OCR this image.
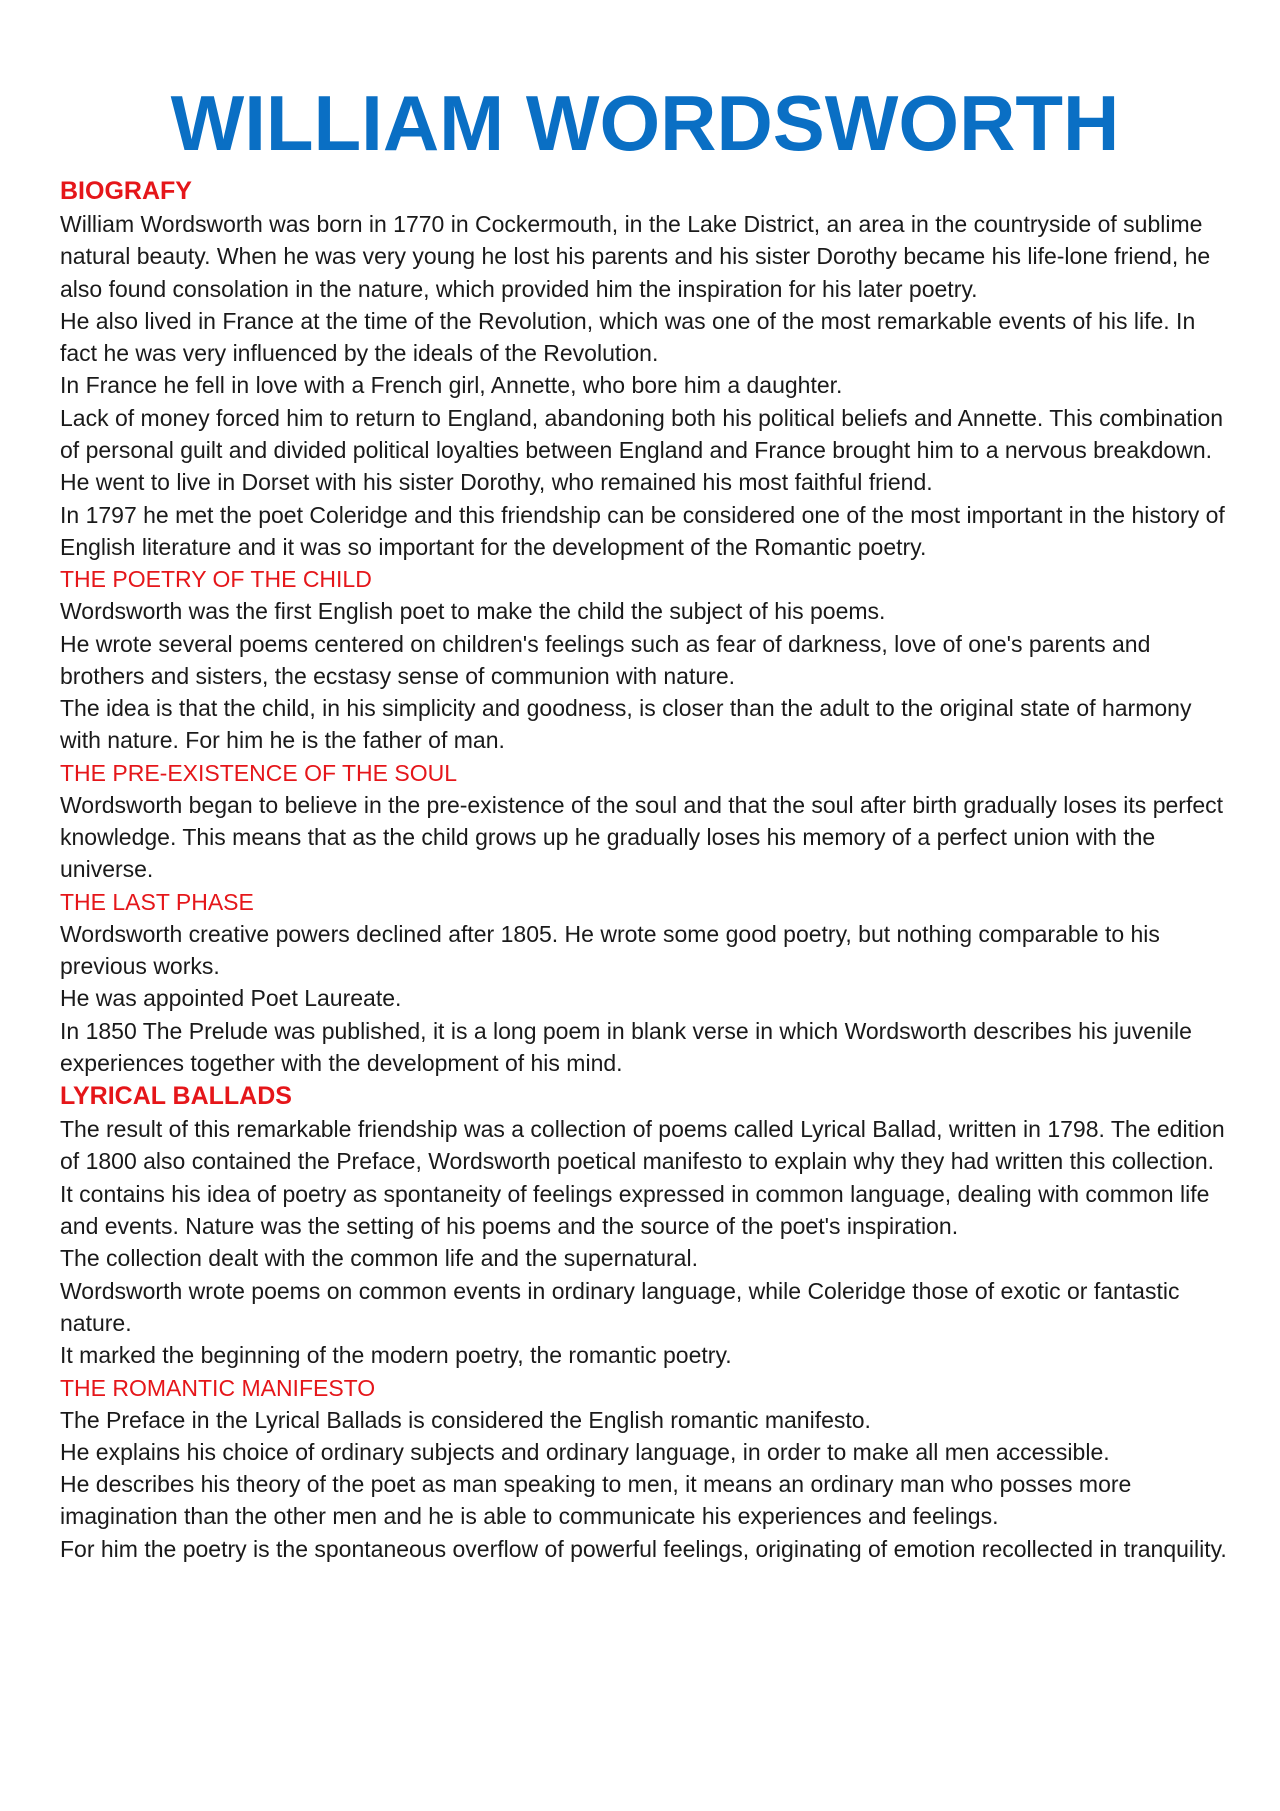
WILLIAM WORDSWORTH
BIOGRAFY

William Wordsworth was born in 1770 in Cockermouth, in the Lake District, an area in the countryside of sublime natural beauty. When he was very young he lost his parents and his sister Dorothy became his life-lone friend, he also found consolation in the nature, which provided him the inspiration for his later poetry.

He also lived in France at the time of the Revolution, which was one of the most remarkable events of his life. In fact he was very influenced by the ideals of the Revolution.

In France he fell in love with a French girl, Annette, who bore him a daughter.

Lack of money forced him to return to England, abandoning both his political beliefs and Annette. This combination of personal guilt and divided political loyalties between England and France brought him to a nervous breakdown.

He went to live in Dorset with his sister Dorothy, who remained his most faithful friend.

In 1797 he met the poet Coleridge and this friendship can be considered one of the most important in the history of English literature and it was so important for the development of the Romantic poetry.

THE POETRY OF THE CHILD

Wordsworth was the first English poet to make the child the subject of his poems.

He wrote several poems centered on children's feelings such as fear of darkness, love of one's parents and brothers and sisters, the ecstasy sense of communion with nature.

The idea is that the child, in his simplicity and goodness, is closer than the adult to the original state of harmony with nature. For him he is the father of man.

THE PRE-EXISTENCE OF THE SOUL

Wordsworth began to believe in the pre-existence of the soul and that the soul after birth gradually loses its perfect knowledge. This means that as the child grows up he gradually loses his memory of a perfect union with the universe.

THE LAST PHASE

Wordsworth creative powers declined after 1805. He wrote some good poetry, but nothing comparable to his previous works.

He was appointed Poet Laureate.

In 1850 The Prelude was published, it is a long poem in blank verse in which Wordsworth describes his juvenile experiences together with the development of his mind.

LYRICAL BALLADS

The result of this remarkable friendship was a collection of poems called Lyrical Ballad, written in 1798. The edition of 1800 also contained the Preface, Wordsworth poetical manifesto to explain why they had written this collection. It contains his idea of poetry as spontaneity of feelings expressed in common language, dealing with common life and events. Nature was the setting of his poems and the source of the poet's inspiration.

The collection dealt with the common life and the supernatural.

Wordsworth wrote poems on common events in ordinary language, while Coleridge those of exotic or fantastic nature.

It marked the beginning of the modern poetry, the romantic poetry.

THE ROMANTIC MANIFESTO

The Preface in the Lyrical Ballads is considered the English romantic manifesto.

He explains his choice of ordinary subjects and ordinary language, in order to make all men accessible.

He describes his theory of the poet as man speaking to men, it means an ordinary man who posses more imagination than the other men and he is able to communicate his experiences and feelings.

For him the poetry is the spontaneous overflow of powerful feelings, originating of emotion recollected in tranquility.
